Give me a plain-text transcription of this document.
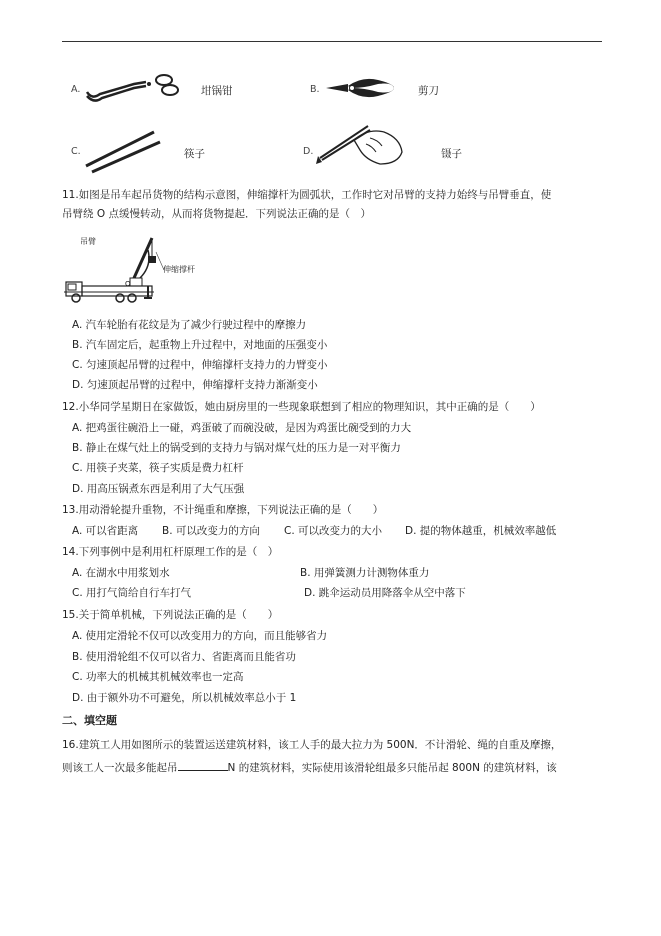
A.	坩锅钳	B.	剪刀
C.	筷子	D.	镊子
11.如图是吊车起吊货物的结构示意图，伸缩撑杆为圆弧状，工作时它对吊臂的支持力始终与吊臂垂直，使
吊臂绕 O 点缓慢转动，从而将货物提起．下列说法正确的是（　）
吊臂
伸缩撑杆
O
A. 汽车轮胎有花纹是为了减少行驶过程中的摩擦力
B. 汽车固定后，起重物上升过程中，对地面的压强变小
C. 匀速顶起吊臂的过程中，伸缩撑杆支持力的力臂变小
D. 匀速顶起吊臂的过程中，伸缩撑杆支持力渐渐变小
12.小华同学星期日在家做饭，她由厨房里的一些现象联想到了相应的物理知识，其中正确的是（　　）
A. 把鸡蛋往碗沿上一碰，鸡蛋破了而碗没破，是因为鸡蛋比碗受到的力大
B. 静止在煤气灶上的锅受到的支持力与锅对煤气灶的压力是一对平衡力
C. 用筷子夹菜，筷子实质是费力杠杆
D. 用高压锅煮东西是利用了大气压强
13.用动滑轮提升重物，不计绳重和摩擦，下列说法正确的是（　　）
A. 可以省距离 B. 可以改变力的方向 C. 可以改变力的大小 D. 提的物体越重，机械效率越低
14.下列事例中是利用杠杆原理工作的是（　）
A. 在湖水中用浆划水	B. 用弹簧测力计测物体重力
C. 用打气筒给自行车打气	D. 跳伞运动员用降落伞从空中落下
15.关于简单机械，下列说法正确的是（　　）
A. 使用定滑轮不仅可以改变用力的方向，而且能够省力
B. 使用滑轮组不仅可以省力、省距离而且能省功
C. 功率大的机械其机械效率也一定高
D. 由于额外功不可避免，所以机械效率总小于 1
二、填空题
16.建筑工人用如图所示的装置运送建筑材料，该工人手的最大拉力为 500N．不计滑轮、绳的自重及摩擦，
则该工人一次最多能起吊	N 的建筑材料，实际使用该滑轮组最多只能吊起 800N 的建筑材料，该
